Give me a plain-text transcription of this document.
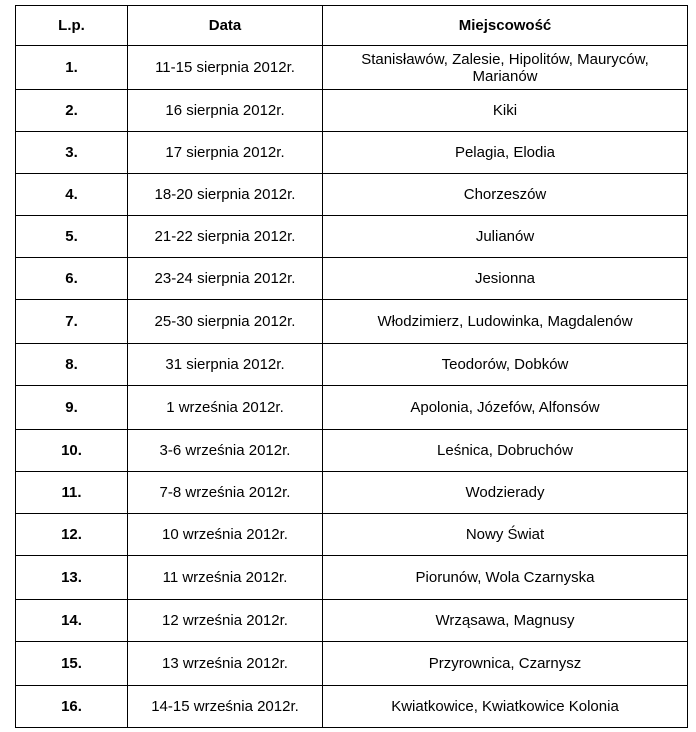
L.p.	Data	Miejscowość
1.	11-15 sierpnia 2012r.	Stanisławów, Zalesie, Hipolitów, Mauryców, Marianów
2.	16 sierpnia 2012r.	Kiki
3.	17 sierpnia 2012r.	Pelagia, Elodia
4.	18-20 sierpnia 2012r.	Chorzeszów
5.	21-22 sierpnia 2012r.	Julianów
6.	23-24 sierpnia 2012r.	Jesionna
7.	25-30 sierpnia 2012r.	Włodzimierz, Ludowinka, Magdalenów
8.	31 sierpnia 2012r.	Teodorów, Dobków
9.	1 września 2012r.	Apolonia, Józefów, Alfonsów
10.	3-6 września 2012r.	Leśnica, Dobruchów
11.	7-8 września 2012r.	Wodzierady
12.	10 września 2012r.	Nowy Świat
13.	11 września 2012r.	Piorunów, Wola Czarnyska
14.	12 września 2012r.	Wrząsawa, Magnusy
15.	13 września 2012r.	Przyrownica, Czarnysz
16.	14-15 września 2012r.	Kwiatkowice, Kwiatkowice Kolonia
